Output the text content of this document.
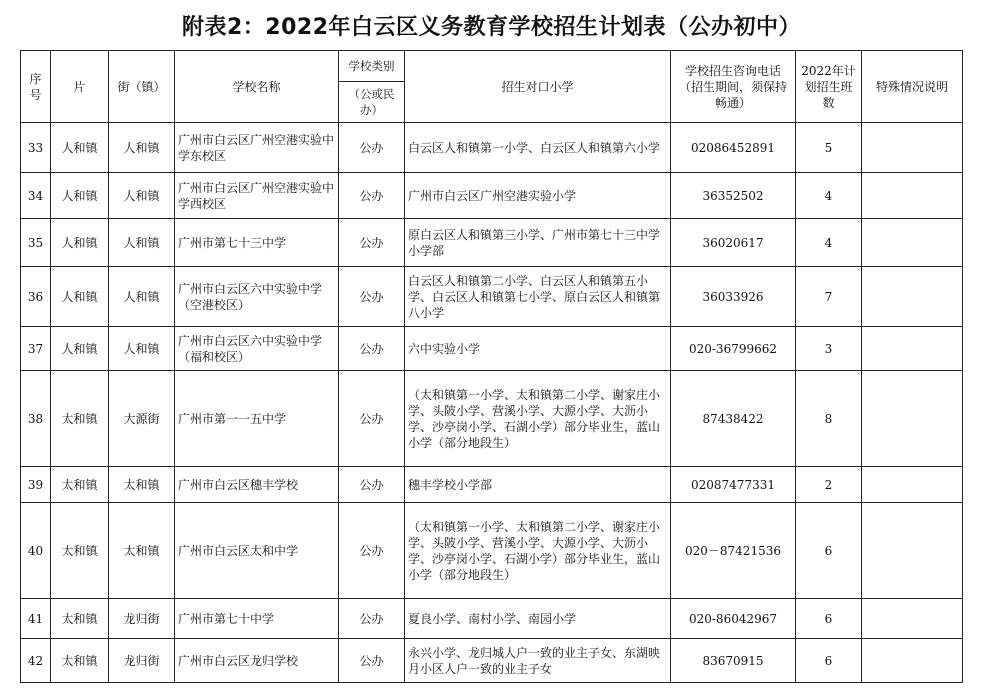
附表2：2022年白云区义务教育学校招生计划表（公办初中）
序号	片	街（镇）	学校名称	学校类别	招生对口小学	学校招生咨询电话（招生期间，须保持畅通）	2022年计划招生班数	特殊情况说明
				（公或民办）				
33	人和镇	人和镇	广州市白云区广州空港实验中学东校区	公办	白云区人和镇第一小学、白云区人和镇第六小学	02086452891	5	
34	人和镇	人和镇	广州市白云区广州空港实验中学西校区	公办	广州市白云区广州空港实验小学	36352502	4	
35	人和镇	人和镇	广州市第七十三中学	公办	原白云区人和镇第三小学、广州市第七十三中学小学部	36020617	4	
36	人和镇	人和镇	广州市白云区六中实验中学（空港校区）	公办	白云区人和镇第二小学、白云区人和镇第五小学、白云区人和镇第七小学、原白云区人和镇第八小学	36033926	7	
37	人和镇	人和镇	广州市白云区六中实验中学（福和校区）	公办	六中实验小学	020-36799662	3	
38	太和镇	大源街	广州市第一一五中学	公办	（太和镇第一小学、太和镇第二小学、谢家庄小学、头陂小学、营溪小学、大源小学、大沥小学、沙亭岗小学、石湖小学）部分毕业生，蓝山小学（部分地段生）	87438422	8	
39	太和镇	太和镇	广州市白云区穗丰学校	公办	穗丰学校小学部	02087477331	2	
40	太和镇	太和镇	广州市白云区太和中学	公办	（太和镇第一小学、太和镇第二小学、谢家庄小学、头陂小学、营溪小学、大源小学、大沥小学、沙亭岗小学、石湖小学）部分毕业生，蓝山小学（部分地段生）	020－87421536	6	
41	太和镇	龙归街	广州市第七十中学	公办	夏良小学、南村小学、南园小学	020-86042967	6	
42	太和镇	龙归街	广州市白云区龙归学校	公办	永兴小学、龙归城人户一致的业主子女、东湖映月小区人户一致的业主子女	83670915	6	
